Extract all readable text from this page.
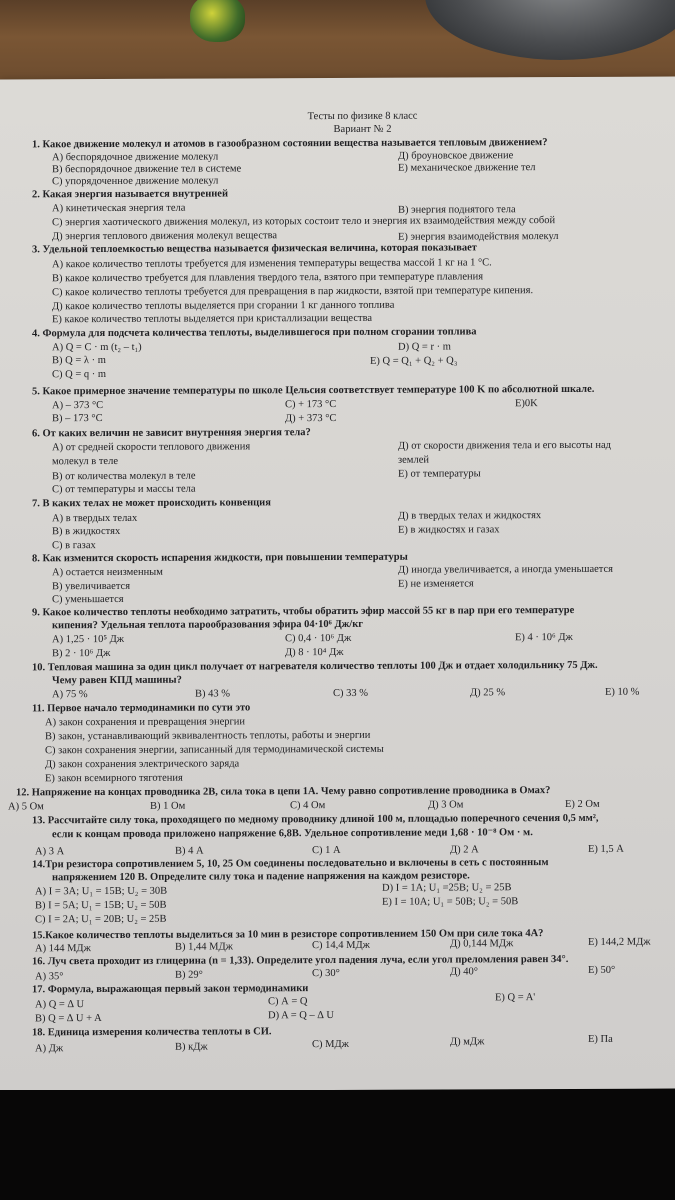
Тесты по физике 8 класс
Вариант № 2
1. Какое движение молекул и атомов в газообразном состоянии вещества называется тепловым движением?
А) беспорядочное движение молекул	Д) броуновское движение
В) беспорядочное движение тел в системе	Е) механическое движение тел
С) упорядоченное движение молекул
2. Какая энергия называется внутренней
А) кинетическая энергия тела	В) энергия поднятого тела
С) энергия хаотического движения молекул, из которых состоит тело и энергия их взаимодействия между собой
Д) энергия теплового движения молекул вещества	Е) энергия взаимодействия молекул
3. Удельной теплоемкостью вещества называется физическая величина, которая показывает
А) какое количество теплоты требуется для изменения температуры вещества массой 1 кг на 1 °С.
В) какое количество требуется для плавления твердого тела, взятого при температуре плавления
С) какое количество теплоты требуется для превращения в пар жидкости, взятой при температуре кипения.
Д) какое количество теплоты выделяется при сгорании 1 кг данного топлива
Е) какое количество теплоты выделяется при кристаллизации вещества
4. Формула для подсчета количества теплоты, выделившегося при полном сгорании топлива
А) Q = C · m (t₂ – t₁)	D) Q = r · m
В) Q = λ · m	Е) Q = Q₁ + Q₂ + Q₃
С) Q = q · m
5. Какое примерное значение температуры по школе Цельсия соответствует температуре 100 K по абсолютной шкале.
А) – 373 °С	С) + 173 °С	Е)0K
В) – 173 °С	Д) + 373 °С
6. От каких величин не зависит внутренняя энергия тела?
А) от средней скорости теплового движения	Д) от скорости движения тела и его высоты над
молекул в теле	землей
В) от количества молекул в теле	Е) от температуры
С) от температуры и массы тела
7. В каких телах не может происходить конвенция
А) в твердых телах	Д) в твердых телах и жидкостях
В) в жидкостях	Е) в жидкостях и газах
С) в газах
8. Как изменится скорость испарения жидкости, при повышении температуры
А) остается неизменным	Д) иногда увеличивается, а иногда уменьшается
В) увеличивается	Е) не изменяется
С) уменьшается
9. Какое количество теплоты необходимо затратить, чтобы обратить эфир массой 55 кг в пар при его температуре
кипения? Удельная теплота парообразования эфира 04·10⁶ Дж/кг
А) 1,25 · 10⁵ Дж	С) 0,4 · 10⁶ Дж	Е) 4 · 10⁶ Дж
В) 2 · 10⁶ Дж	Д) 8 · 10⁴ Дж
10. Тепловая машина за один цикл получает от нагревателя количество теплоты 100 Дж и отдает холодильнику 75 Дж.
Чему равен КПД машины?
А) 75 %	В) 43 %	С) 33 %	Д) 25 %	Е) 10 %
11. Первое начало термодинамики по сути это
А) закон сохранения и превращения энергии
В) закон, устанавливающий эквивалентность теплоты, работы и энергии
С) закон сохранения энергии, записанный для термодинамической системы
Д) закон сохранения электрического заряда
Е) закон всемирного тяготения
12. Напряжение на концах проводника 2В, сила тока в цепи 1А. Чему равно сопротивление проводника в Омах?
А) 5 Ом	В) 1 Ом	С) 4 Ом	Д) 3 Ом	Е) 2 Ом
13. Рассчитайте силу тока, проходящего по медному проводнику длиной 100 м, площадью поперечного сечения 0,5 мм²,
если к концам провода приложено напряжение 6,8В. Удельное сопротивление меди 1,68 · 10⁻⁸ Ом · м.
А) 3 А	В) 4 А	С) 1 А	Д) 2 А	Е) 1,5 А
14.Три резистора сопротивлением 5, 10, 25 Ом соединены последовательно и включены в сеть с постоянным
напряжением 120 В. Определите силу тока и падение напряжения на каждом резисторе.
А) I = 3А; U₁ = 15В; U₂ = 30В	D) I = 1А; U₁ =25В; U₂ = 25В
В) I = 5А; U₁ = 15В; U₂ = 50В	Е) I = 10А; U₁ = 50В; U₂ = 50В
С) I = 2А; U₁ = 20В; U₂ = 25В
15.Какое количество теплоты выделиться за 10 мин в резисторе сопротивлением 150 Ом при силе тока 4А?
А) 144 МДж	В) 1,44 МДж	С) 14,4 МДж	Д) 0,144 МДж	Е) 144,2 МДж
16. Луч света проходит из глицерина (n = 1,33). Определите угол падения луча, если угол преломления равен 34°.
А) 35°	В) 29°	С) 30°	Д) 40°	Е) 50°
17. Формула, выражающая первый закон термодинамики
А) Q = ∆ U	С) А = Q	Е) Q = A'
В) Q = ∆ U + A	D) A = Q – ∆ U
18. Единица измерения количества теплоты в СИ.
А) Дж	В) кДж	С) МДж	Д) мДж	Е) Па
